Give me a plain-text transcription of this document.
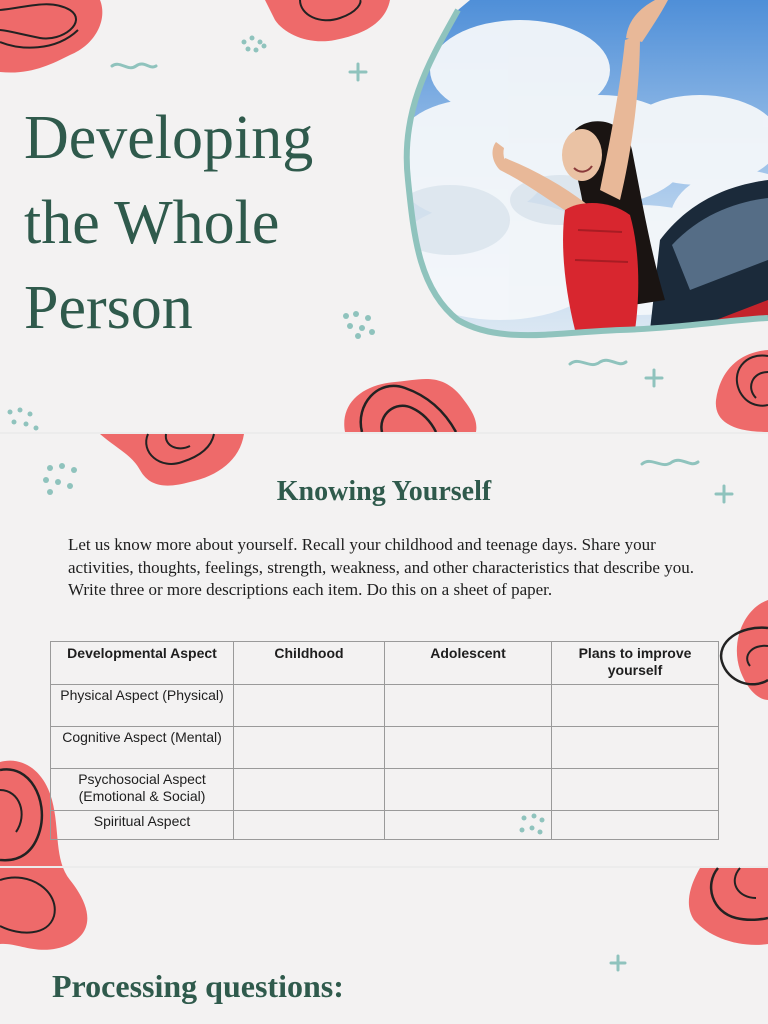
Developing
the Whole
Person
Knowing Yourself

Let us know more about yourself. Recall your childhood and teenage days. Share your activities, thoughts, feelings, strength, weakness, and other characteristics that describe you. Write three or more descriptions each item. Do this on a sheet of paper.

Developmental Aspect	Childhood	Adolescent	Plans to improve yourself
Physical Aspect (Physical)			
Cognitive Aspect (Mental)			
Psychosocial Aspect (Emotional & Social)			
Spiritual Aspect			
Processing questions:
